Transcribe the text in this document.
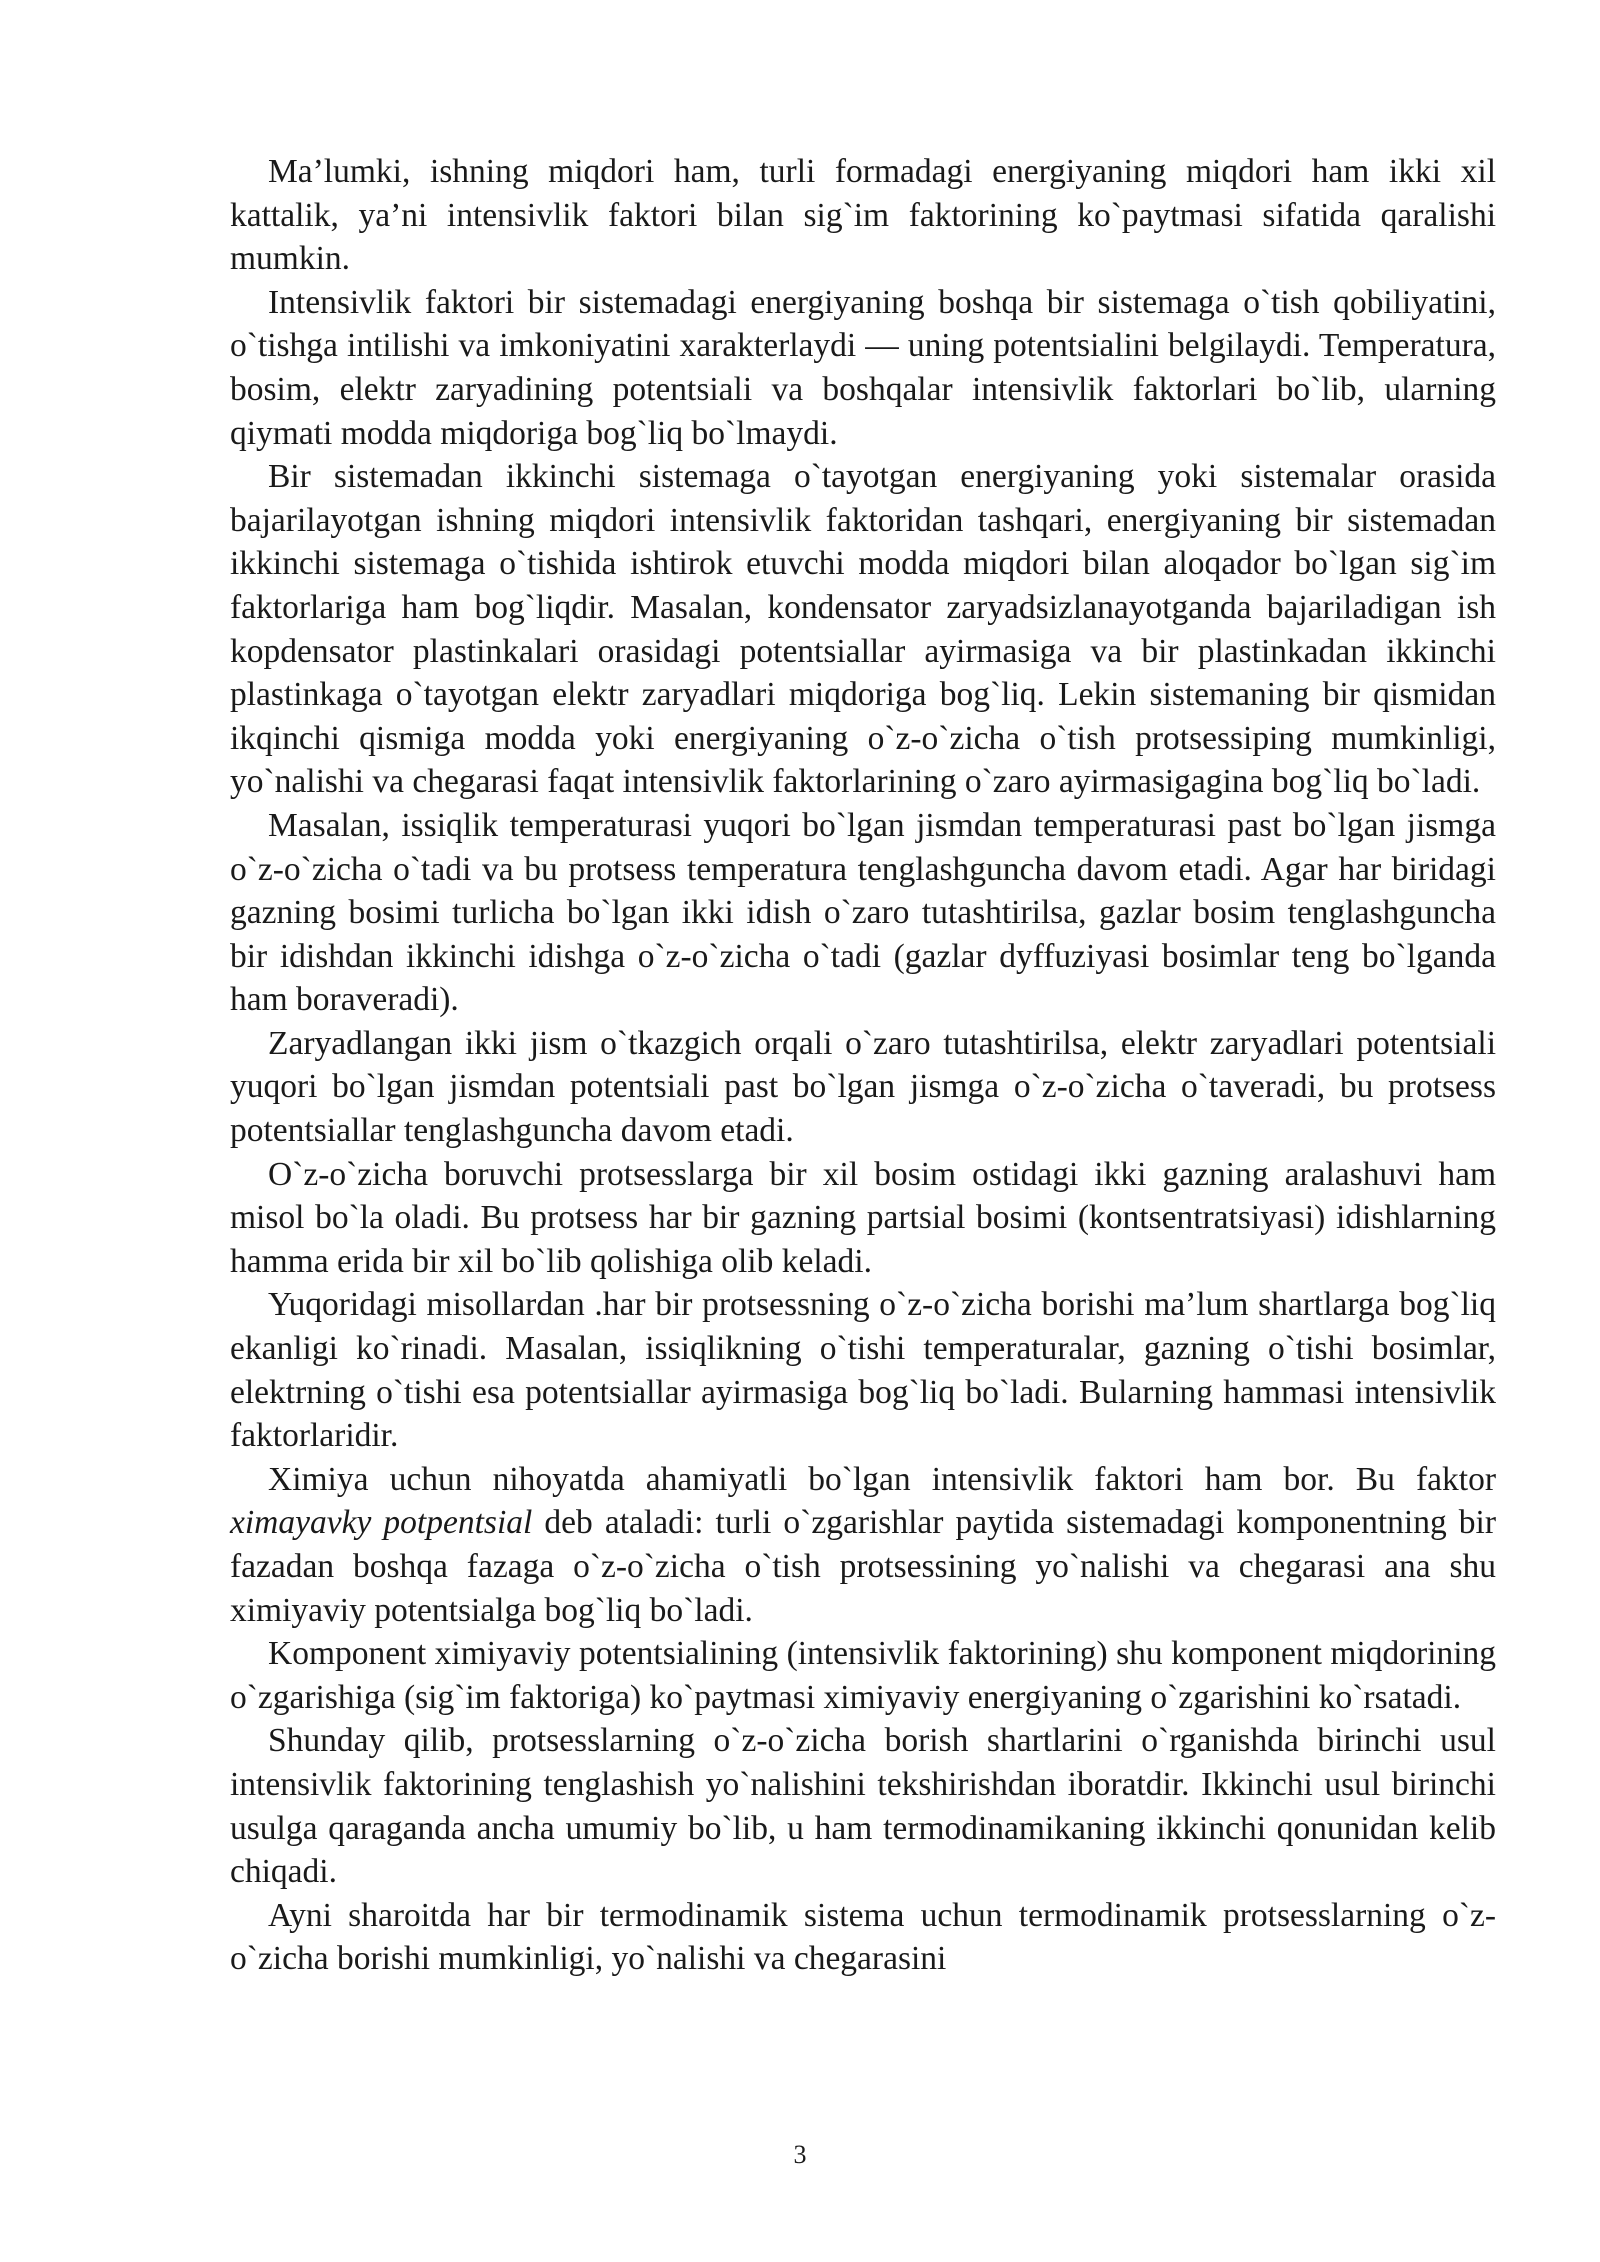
Ma’lumki, ishning miqdori ham, turli formadagi energiyaning miqdori ham ikki xil kattalik, ya’ni intensivlik faktori bilan sig`im faktorining ko`paytmasi sifatida qaralishi mumkin.

Intensivlik faktori bir sistemadagi energiyaning boshqa bir sistemaga o`tish qobiliyatini, o`tishga intilishi va imkoniyatini xarakterlaydi — uning potentsialini belgilaydi. Temperatura, bosim, elektr zaryadining potentsiali va boshqalar intensivlik faktorlari bo`lib, ularning qiymati modda miqdoriga bog`liq bo`lmaydi.

Bir sistemadan ikkinchi sistemaga o`tayotgan energiyaning yoki sistemalar orasida bajarilayotgan ishning miqdori intensivlik faktoridan tashqari, energiyaning bir sistemadan ikkinchi sistemaga o`tishida ishtirok etuvchi modda miqdori bilan aloqador bo`lgan sig`im faktorlariga ham bog`liqdir. Masalan, kondensator zaryadsizlanayotganda bajariladigan ish kopdensator plastinkalari orasidagi potentsiallar ayirmasiga va bir plastinkadan ikkinchi plastinkaga o`tayotgan elektr zaryadlari miqdoriga bog`liq. Lekin sistemaning bir qismidan ikqinchi qismiga modda yoki energiyaning o`z-o`zicha o`tish protsessiping mumkinligi, yo`nalishi va chegarasi faqat intensivlik faktorlarining o`zaro ayirmasigagina bog`liq bo`ladi.

Masalan, issiqlik temperaturasi yuqori bo`lgan jismdan temperaturasi past bo`lgan jismga o`z-o`zicha o`tadi va bu protsess temperatura tenglashguncha davom etadi. Agar har biridagi gazning bosimi turlicha bo`lgan ikki idish o`zaro tutashtirilsa, gazlar bosim tenglashguncha bir idishdan ikkinchi idishga o`z-o`zicha o`tadi (gazlar dyffuziyasi bosimlar teng bo`lganda ham boraveradi).

Zaryadlangan ikki jism o`tkazgich orqali o`zaro tutashtirilsa, elektr zaryadlari potentsiali yuqori bo`lgan jismdan potentsiali past bo`lgan jismga o`z-o`zicha o`taveradi, bu protsess potentsiallar tenglashguncha davom etadi.

O`z-o`zicha boruvchi protsesslarga bir xil bosim ostidagi ikki gazning aralashuvi ham misol bo`la oladi. Bu protsess har bir gazning partsial bosimi (kontsentratsiyasi) idishlarning hamma erida bir xil bo`lib qolishiga olib keladi.

Yuqoridagi misollardan .har bir protsessning o`z-o`zicha borishi ma’lum shartlarga bog`liq ekanligi ko`rinadi. Masalan, issiqlikning o`tishi temperaturalar, gazning o`tishi bosimlar, elektrning o`tishi esa potentsiallar ayirmasiga bog`liq bo`ladi. Bularning hammasi intensivlik faktorlaridir.

Ximiya uchun nihoyatda ahamiyatli bo`lgan intensivlik faktori ham bor. Bu faktor ximayavky potpentsial deb ataladi: turli o`zgarishlar paytida sistemadagi komponentning bir fazadan boshqa fazaga o`z-o`zicha o`tish protsessining yo`nalishi va chegarasi ana shu ximiyaviy potentsialga bog`liq bo`ladi.

Komponent ximiyaviy potentsialining (intensivlik faktorining) shu komponent miqdorining o`zgarishiga (sig`im faktoriga) ko`paytmasi ximiyaviy energiyaning o`zgarishini ko`rsatadi.

Shunday qilib, protsesslarning o`z-o`zicha borish shartlarini o`rganishda birinchi usul intensivlik faktorining tenglashish yo`nalishini tekshirishdan iboratdir. Ikkinchi usul birinchi usulga qaraganda ancha umumiy bo`lib, u ham termodinamikaning ikkinchi qonunidan kelib chiqadi.

Ayni sharoitda har bir termodinamik sistema uchun termodinamik protsesslarning o`z-o`zicha borishi mumkinligi, yo`nalishi va chegarasini

3
